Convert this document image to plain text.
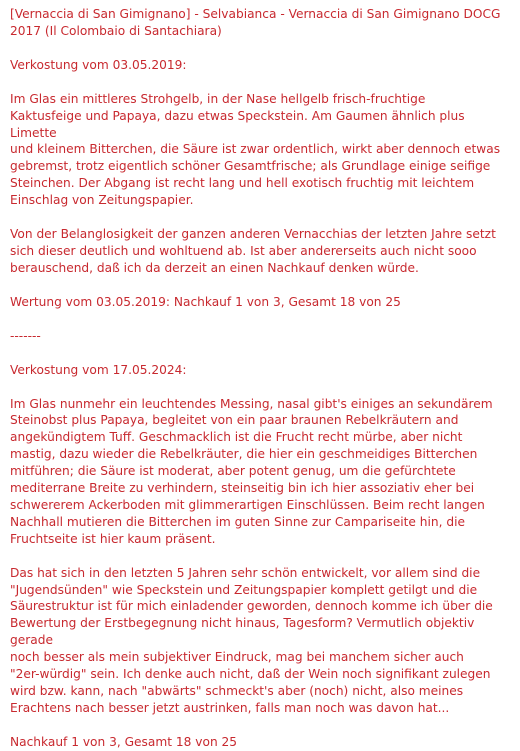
[Vernaccia di San Gimignano] - Selvabianca - Vernaccia di San Gimignano DOCG
2017 (Il Colombaio di Santachiara)

Verkostung vom 03.05.2019:

Im Glas ein mittleres Strohgelb, in der Nase hellgelb frisch-fruchtige
Kaktusfeige und Papaya, dazu etwas Speckstein. Am Gaumen ähnlich plus Limette
und kleinem Bitterchen, die Säure ist zwar ordentlich, wirkt aber dennoch etwas
gebremst, trotz eigentlich schöner Gesamtfrische; als Grundlage einige seifige
Steinchen. Der Abgang ist recht lang und hell exotisch fruchtig mit leichtem
Einschlag von Zeitungspapier.

Von der Belanglosigkeit der ganzen anderen Vernacchias der letzten Jahre setzt
sich dieser deutlich und wohltuend ab. Ist aber andererseits auch nicht sooo
berauschend, daß ich da derzeit an einen Nachkauf denken würde.

Wertung vom 03.05.2019: Nachkauf 1 von 3, Gesamt 18 von 25

-------

Verkostung vom 17.05.2024:

Im Glas nunmehr ein leuchtendes Messing, nasal gibt's einiges an sekundärem
Steinobst plus Papaya, begleitet von ein paar braunen Rebelkräutern and
angekündigtem Tuff. Geschmacklich ist die Frucht recht mürbe, aber nicht
mastig, dazu wieder die Rebelkräuter, die hier ein geschmeidiges Bitterchen
mitführen; die Säure ist moderat, aber potent genug, um die gefürchtete
mediterrane Breite zu verhindern, steinseitig bin ich hier assoziativ eher bei
schwererem Ackerboden mit glimmerartigen Einschlüssen. Beim recht langen
Nachhall mutieren die Bitterchen im guten Sinne zur Campariseite hin, die
Fruchtseite ist hier kaum präsent.

Das hat sich in den letzten 5 Jahren sehr schön entwickelt, vor allem sind die
"Jugendsünden" wie Speckstein und Zeitungspapier komplett getilgt und die
Säurestruktur ist für mich einladender geworden, dennoch komme ich über die
Bewertung der Erstbegegnung nicht hinaus, Tagesform? Vermutlich objektiv gerade
noch besser als mein subjektiver Eindruck, mag bei manchem sicher auch
"2er-würdig" sein. Ich denke auch nicht, daß der Wein noch signifikant zulegen
wird bzw. kann, nach "abwärts" schmeckt's aber (noch) nicht, also meines
Erachtens nach besser jetzt austrinken, falls man noch was davon hat...

Nachkauf 1 von 3, Gesamt 18 von 25
